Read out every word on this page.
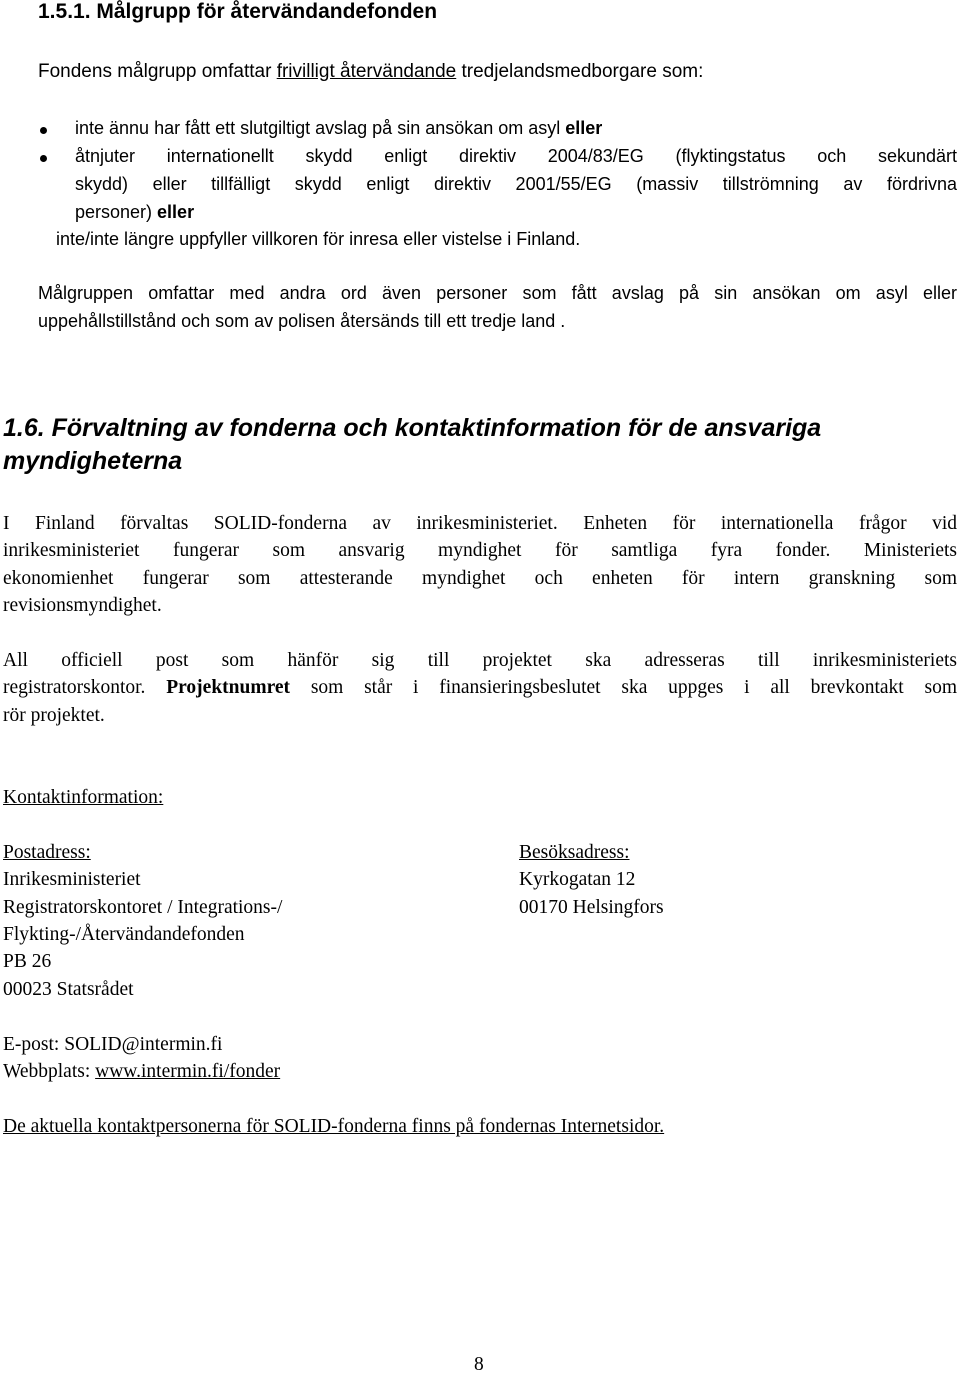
1.5.1. Målgrupp för återvändandefonden

Fondens målgrupp omfattar frivilligt återvändande tredjelandsmedborgare som:

inte ännu har fått ett slutgiltigt avslag på sin ansökan om asyl eller

åtnjuter internationellt skydd enligt direktiv 2004/83/EG (flyktingstatus och sekundärt

skydd) eller tillfälligt skydd enligt direktiv 2001/55/EG (massiv tillströmning av fördrivna

personer) eller

inte/inte längre uppfyller villkoren för inresa eller vistelse i Finland.

Målgruppen omfattar med andra ord även personer som fått avslag på sin ansökan om asyl eller

uppehållstillstånd och som av polisen återsänds till ett tredje land .

1.6. Förvaltning av fonderna och kontaktinformation för de ansvariga
myndigheterna

I Finland förvaltas SOLID-fonderna av inrikesministeriet. Enheten för internationella frågor vid

inrikesministeriet fungerar som ansvarig myndighet för samtliga fyra fonder. Ministeriets

ekonomienhet fungerar som attesterande myndighet och enheten för intern granskning som

revisionsmyndighet.

All officiell post som hänför sig till projektet ska adresseras till inrikesministeriets

registratorskontor. Projektnumret som står i finansieringsbeslutet ska uppges i all brevkontakt som

rör projektet.

Kontaktinformation:

Postadress:

Inrikesministeriet

Registratorskontoret / Integrations-/

Flykting-/Återvändandefonden

PB 26

00023 Statsrådet

Besöksadress:

Kyrkogatan 12

00170 Helsingfors

E-post: SOLID@intermin.fi

Webbplats: www.intermin.fi/fonder

De aktuella kontaktpersonerna för SOLID-fonderna finns på fondernas Internetsidor.

8
